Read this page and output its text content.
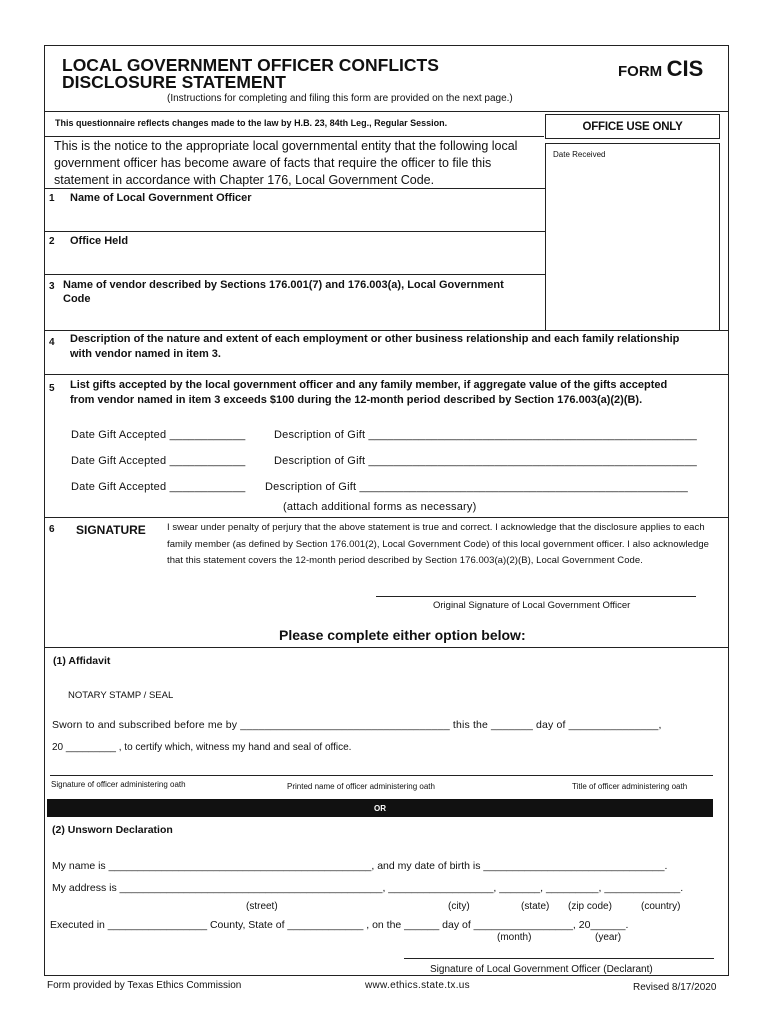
LOCAL GOVERNMENT OFFICER CONFLICTS
DISCLOSURE STATEMENT
FORM CIS
(Instructions for completing and filing this form are provided on the next page.)
This questionnaire reflects changes made to the law by H.B. 23, 84th Leg., Regular Session.	OFFICE USE ONLY
Date Received
This is the notice to the appropriate local governmental entity that the following local government officer has become aware of facts that require the officer to file this statement in accordance with Chapter 176, Local Government Code.
1 Name of Local Government Officer
2 Office Held
3 Name of vendor described by Sections 176.001(7) and 176.003(a), Local Government
Code
4 Description of the nature and extent of each employment or other business relationship and each family relationship
with vendor named in item 3.
5 List gifts accepted by the local government officer and any family member, if aggregate value of the gifts accepted
from vendor named in item 3 exceeds $100 during the 12-month period described by Section 176.003(a)(2)(B).
Date Gift Accepted ____________	Description of Gift ____________________________________________________
Date Gift Accepted ____________	Description of Gift ____________________________________________________
Date Gift Accepted ____________ Description of Gift ____________________________________________________
(attach additional forms as necessary)
6 SIGNATURE I swear under penalty of perjury that the above statement is true and correct. I acknowledge that the disclosure applies to each family member (as defined by Section 176.001(2), Local Government Code) of this local government officer. I also acknowledge that this statement covers the 12-month period described by Section 176.003(a)(2)(B), Local Government Code.
Original Signature of Local Government Officer
Please complete either option below:
(1) Affidavit
NOTARY STAMP / SEAL
Sworn to and subscribed before me by ___________________________________ this the _______ day of _______________,
20 _________ , to certify which, witness my hand and seal of office.
Signature of officer administering oath	Printed name of officer administering oath	Title of officer administering oath
OR
(2) Unsworn Declaration
My name is _____________________________________________, and my date of birth is _______________________________.
My address is _____________________________________________, __________________, _______, _________, _____________.
(street)	(city)	(state) (zip code)	(country)
Executed in _________________ County, State of _____________ , on the ______ day of _________________, 20______.
(month)	(year)
Signature of Local Government Officer (Declarant)
Form provided by Texas Ethics Commission	www.ethics.state.tx.us	Revised 8/17/2020
